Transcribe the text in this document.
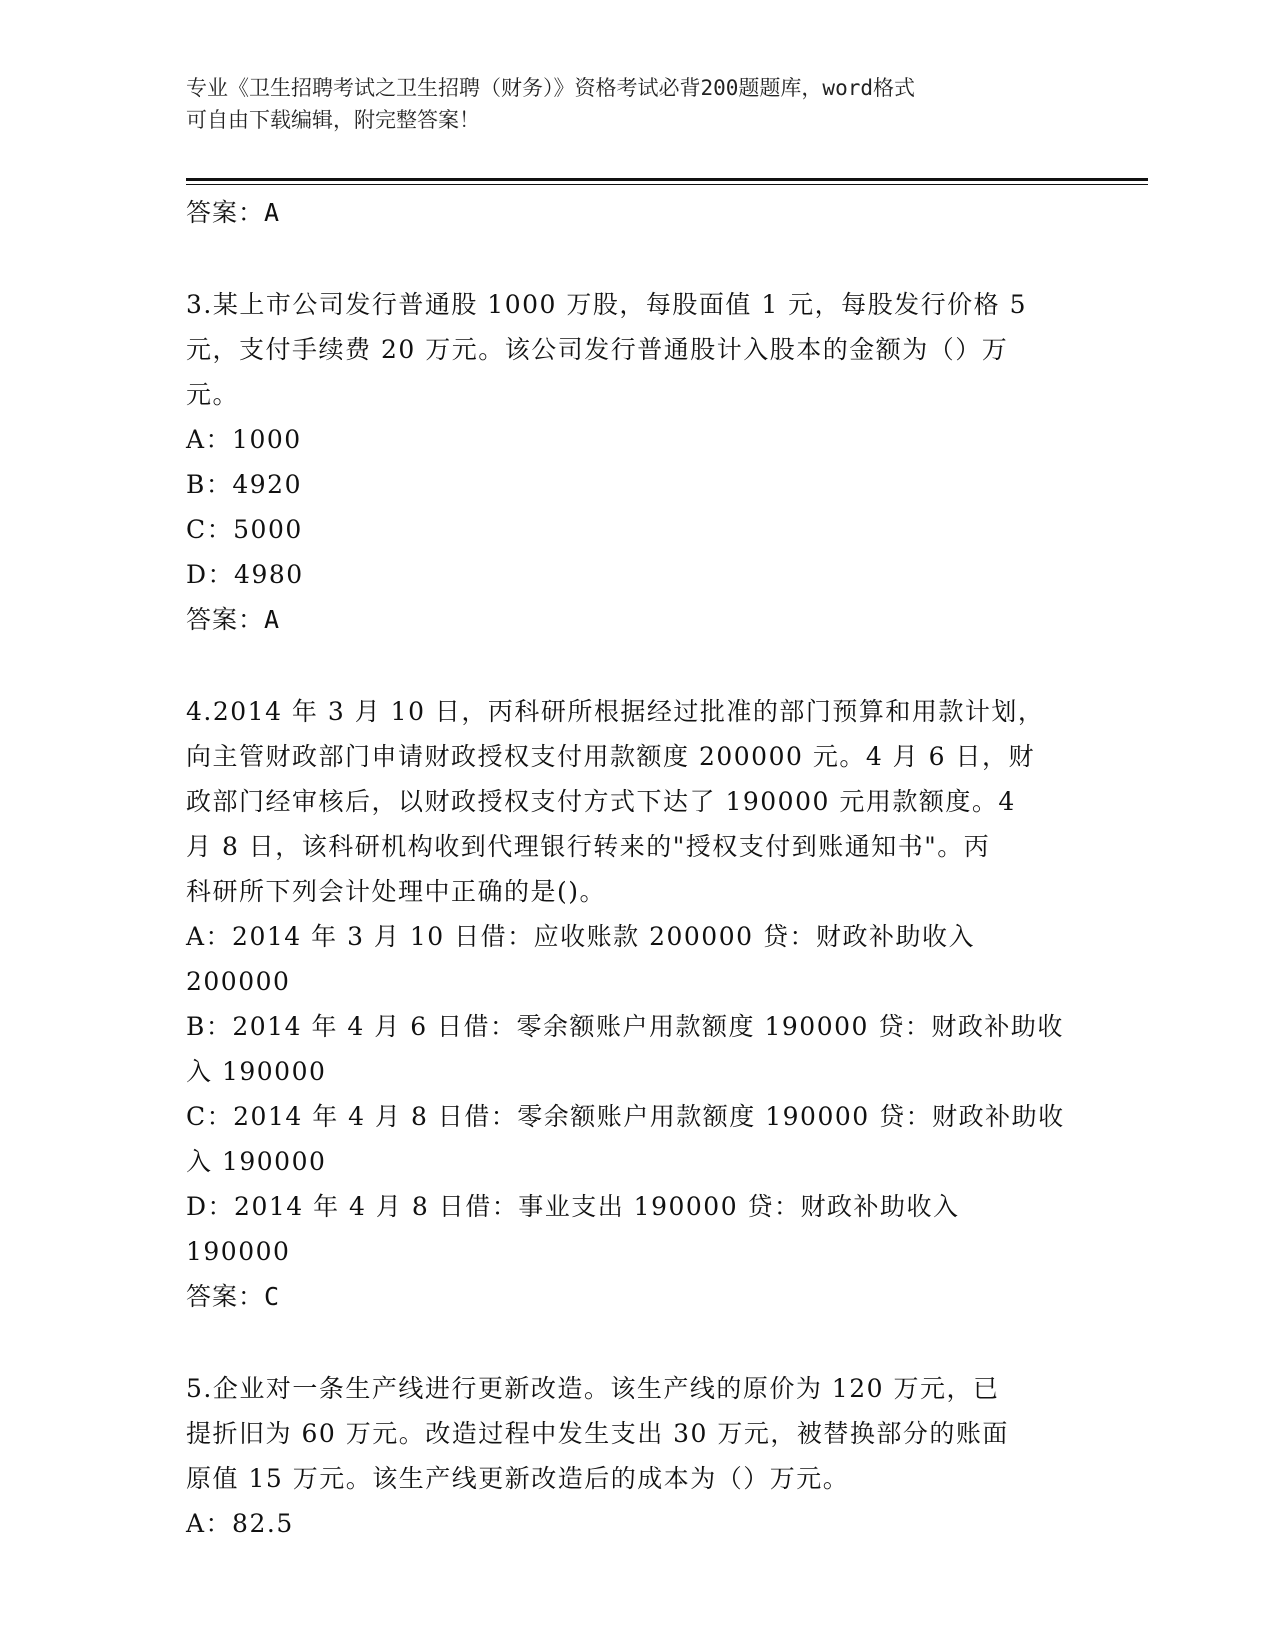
专业《卫生招聘考试之卫生招聘（财务）》资格考试必背200题题库，word格式
可自由下载编辑，附完整答案！

答案：A

3.某上市公司发行普通股 1000 万股，每股面值 1 元，每股发行价格 5

元，支付手续费 20 万元。该公司发行普通股计入股本的金额为（）万

元。

A：1000

B：4920

C：5000

D：4980

答案：A

4.2014 年 3 月 10 日，丙科研所根据经过批准的部门预算和用款计划，

向主管财政部门申请财政授权支付用款额度 200000 元。4 月 6 日，财

政部门经审核后，以财政授权支付方式下达了 190000 元用款额度。4

月 8 日，该科研机构收到代理银行转来的"授权支付到账通知书"。丙

科研所下列会计处理中正确的是()。

A：2014 年 3 月 10 日借：应收账款 200000 贷：财政补助收入 200000

B：2014 年 4 月 6 日借：零余额账户用款额度 190000 贷：财政补助收

入 190000

C：2014 年 4 月 8 日借：零余额账户用款额度 190000 贷：财政补助收

入 190000

D：2014 年 4 月 8 日借：事业支出 190000 贷：财政补助收入 190000

答案：C

5.企业对一条生产线进行更新改造。该生产线的原价为 120 万元，已

提折旧为 60 万元。改造过程中发生支出 30 万元，被替换部分的账面

原值 15 万元。该生产线更新改造后的成本为（）万元。

A：82.5
